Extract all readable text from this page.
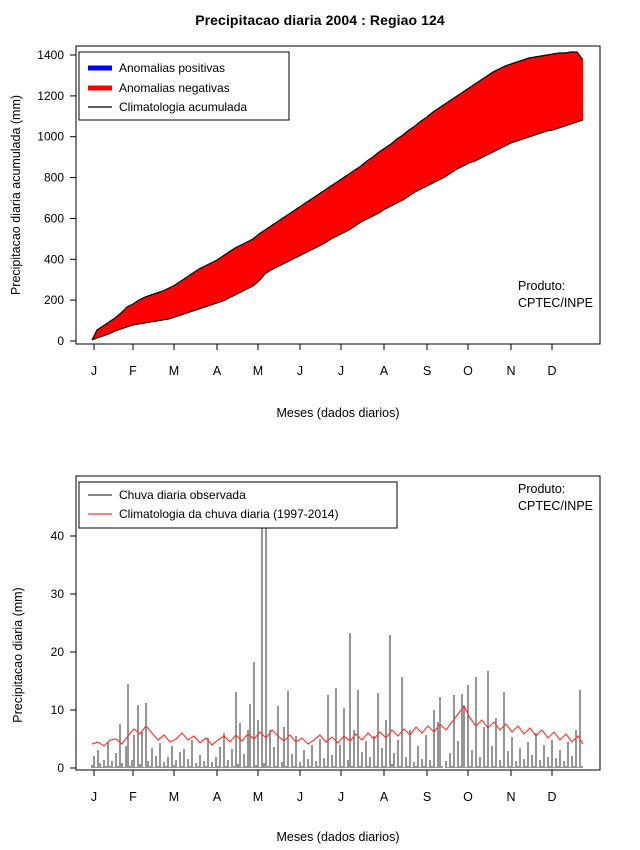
Precipitacao diaria 2004 : Regiao 124
0
200
400
600
800
1000
1200
1400
J	F	M	A	M	J	J	A	S	O	N	D
Precipitacao diaria acumulada (mm)
Meses (dados diarios)
Anomalias positivas
Anomalias negativas
Climatologia acumulada
Produto:
CPTEC/INPE
0
10
20
30
40
J	F	M	A	M	J	J	A	S	O	N	D
Precipitacao diaria (mm)
Meses (dados diarios)
Chuva diaria observada
Climatologia da chuva diaria (1997-2014)
Produto:
CPTEC/INPE
